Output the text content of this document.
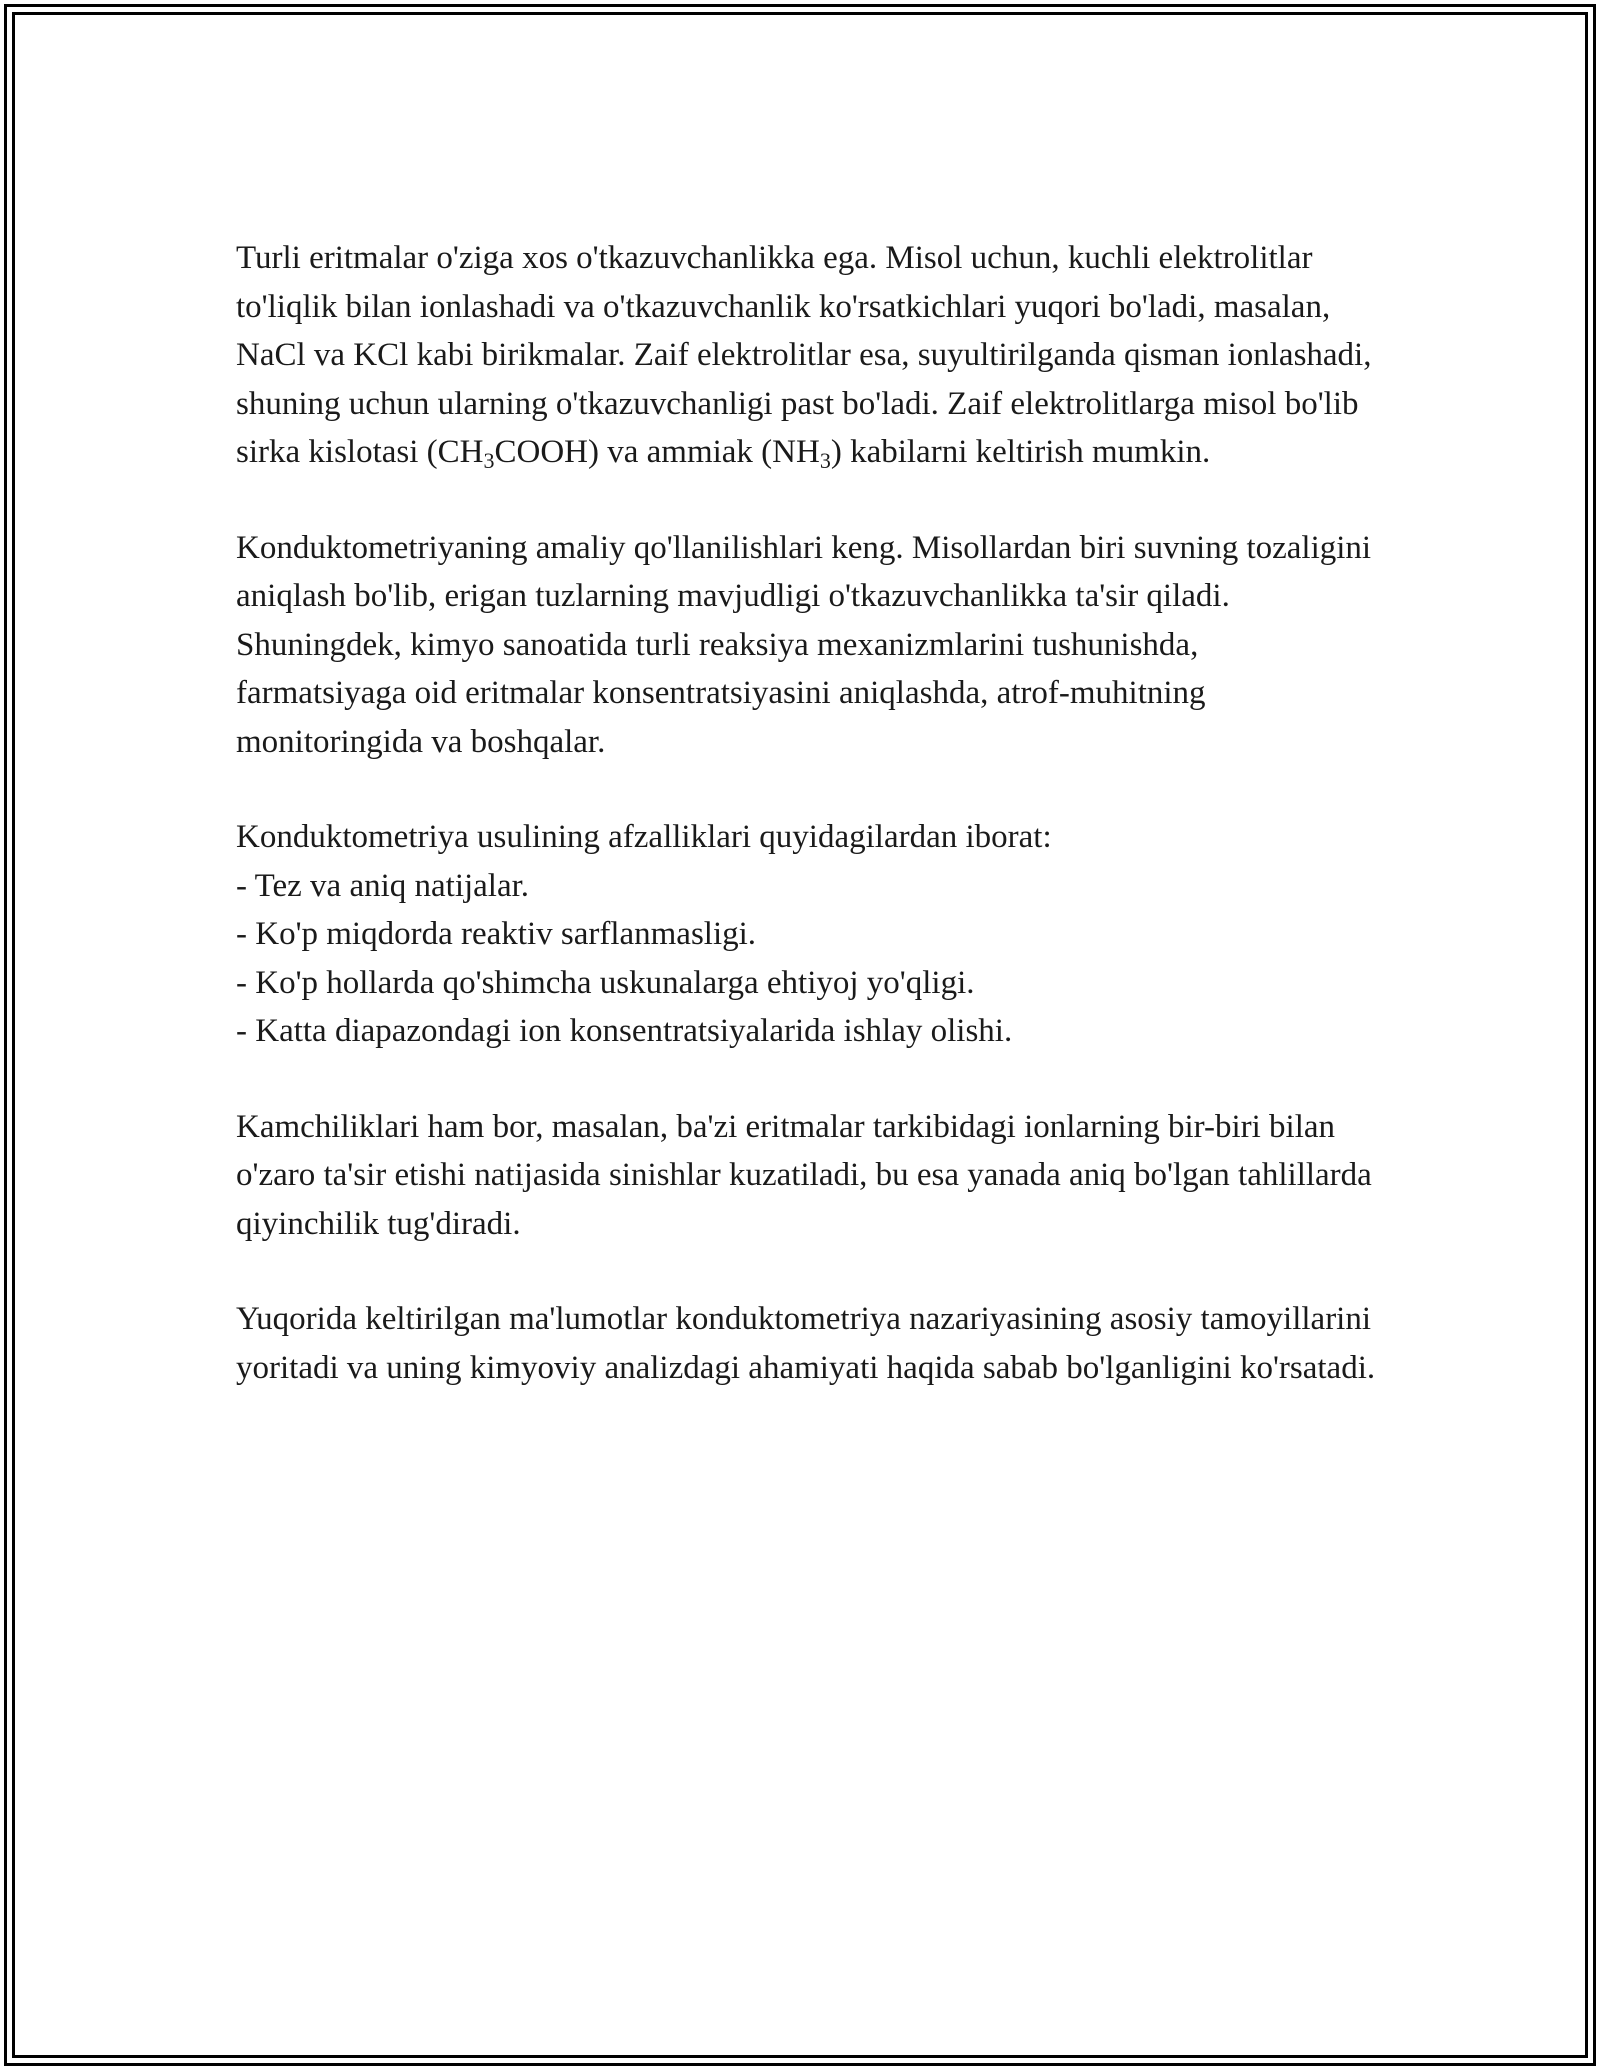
Turli eritmalar o'ziga xos o'tkazuvchanlikka ega. Misol uchun, kuchli elektrolitlar to'liqlik bilan ionlashadi va o'tkazuvchanlik ko'rsatkichlari yuqori bo'ladi, masalan, NaCl va KCl kabi birikmalar. Zaif elektrolitlar esa, suyultirilganda qisman ionlashadi, shuning uchun ularning o'tkazuvchanligi past bo'ladi. Zaif elektrolitlarga misol bo'lib sirka kislotasi $(CH_3COOH)$ va ammiak $(NH_3)$ kabilarni keltirish mumkin.

Konduktometriyaning amaliy qo'llanilishlari keng. Misollardan biri suvning tozaligini aniqlash bo'lib, erigan tuzlarning mavjudligi o'tkazuvchanlikka ta'sir qiladi. Shuningdek, kimyo sanoatida turli reaksiya mexanizmlarini tushunishda, farmatsiyaga oid eritmalar konsentratsiyasini aniqlashda, atrof-muhitning monitoringida va boshqalar.

Konduktometriya usulining afzalliklari quyidagilardan iborat:
- Tez va aniq natijalar.
- Ko'p miqdorda reaktiv sarflanmasligi.
- Ko'p hollarda qo'shimcha uskunalarga ehtiyoj yo'qligi.
- Katta diapazondagi ion konsentratsiyalarida ishlay olishi.

Kamchiliklari ham bor, masalan, ba'zi eritmalar tarkibidagi ionlarning bir-biri bilan o'zaro ta'sir etishi natijasida sinishlar kuzatiladi, bu esa yanada aniq bo'lgan tahlillarda qiyinchilik tug'diradi.

Yuqorida keltirilgan ma'lumotlar konduktometriya nazariyasining asosiy tamoyillarini yoritadi va uning kimyoviy analizdagi ahamiyati haqida sabab bo'lganligini ko'rsatadi.
